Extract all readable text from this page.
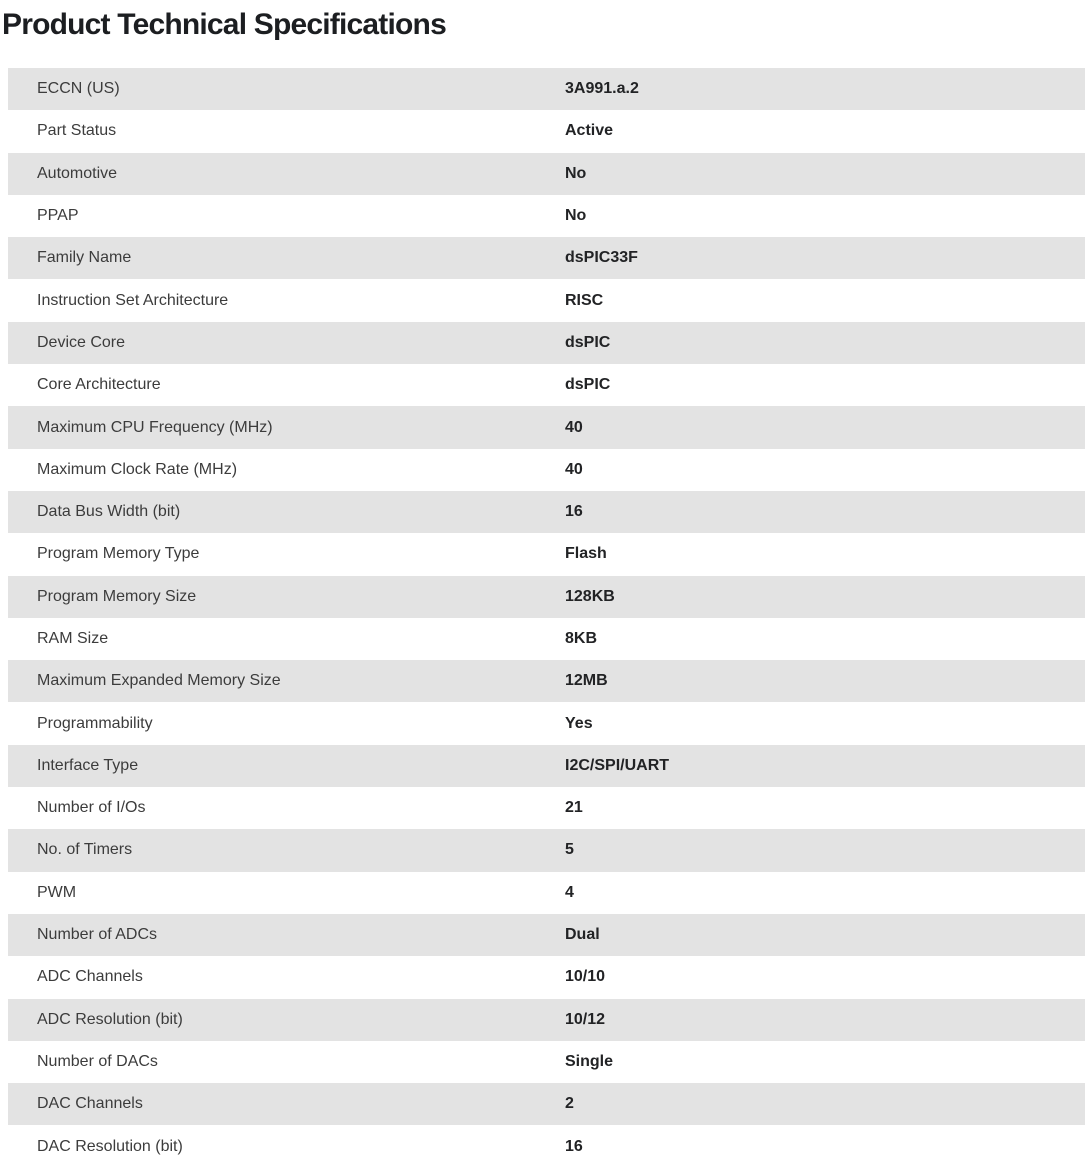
Product Technical Specifications
ECCN (US)	3A991.a.2
Part Status	Active
Automotive	No
PPAP	No
Family Name	dsPIC33F
Instruction Set Architecture	RISC
Device Core	dsPIC
Core Architecture	dsPIC
Maximum CPU Frequency (MHz)	40
Maximum Clock Rate (MHz)	40
Data Bus Width (bit)	16
Program Memory Type	Flash
Program Memory Size	128KB
RAM Size	8KB
Maximum Expanded Memory Size	12MB
Programmability	Yes
Interface Type	I2C/SPI/UART
Number of I/Os	21
No. of Timers	5
PWM	4
Number of ADCs	Dual
ADC Channels	10/10
ADC Resolution (bit)	10/12
Number of DACs	Single
DAC Channels	2
DAC Resolution (bit)	16
